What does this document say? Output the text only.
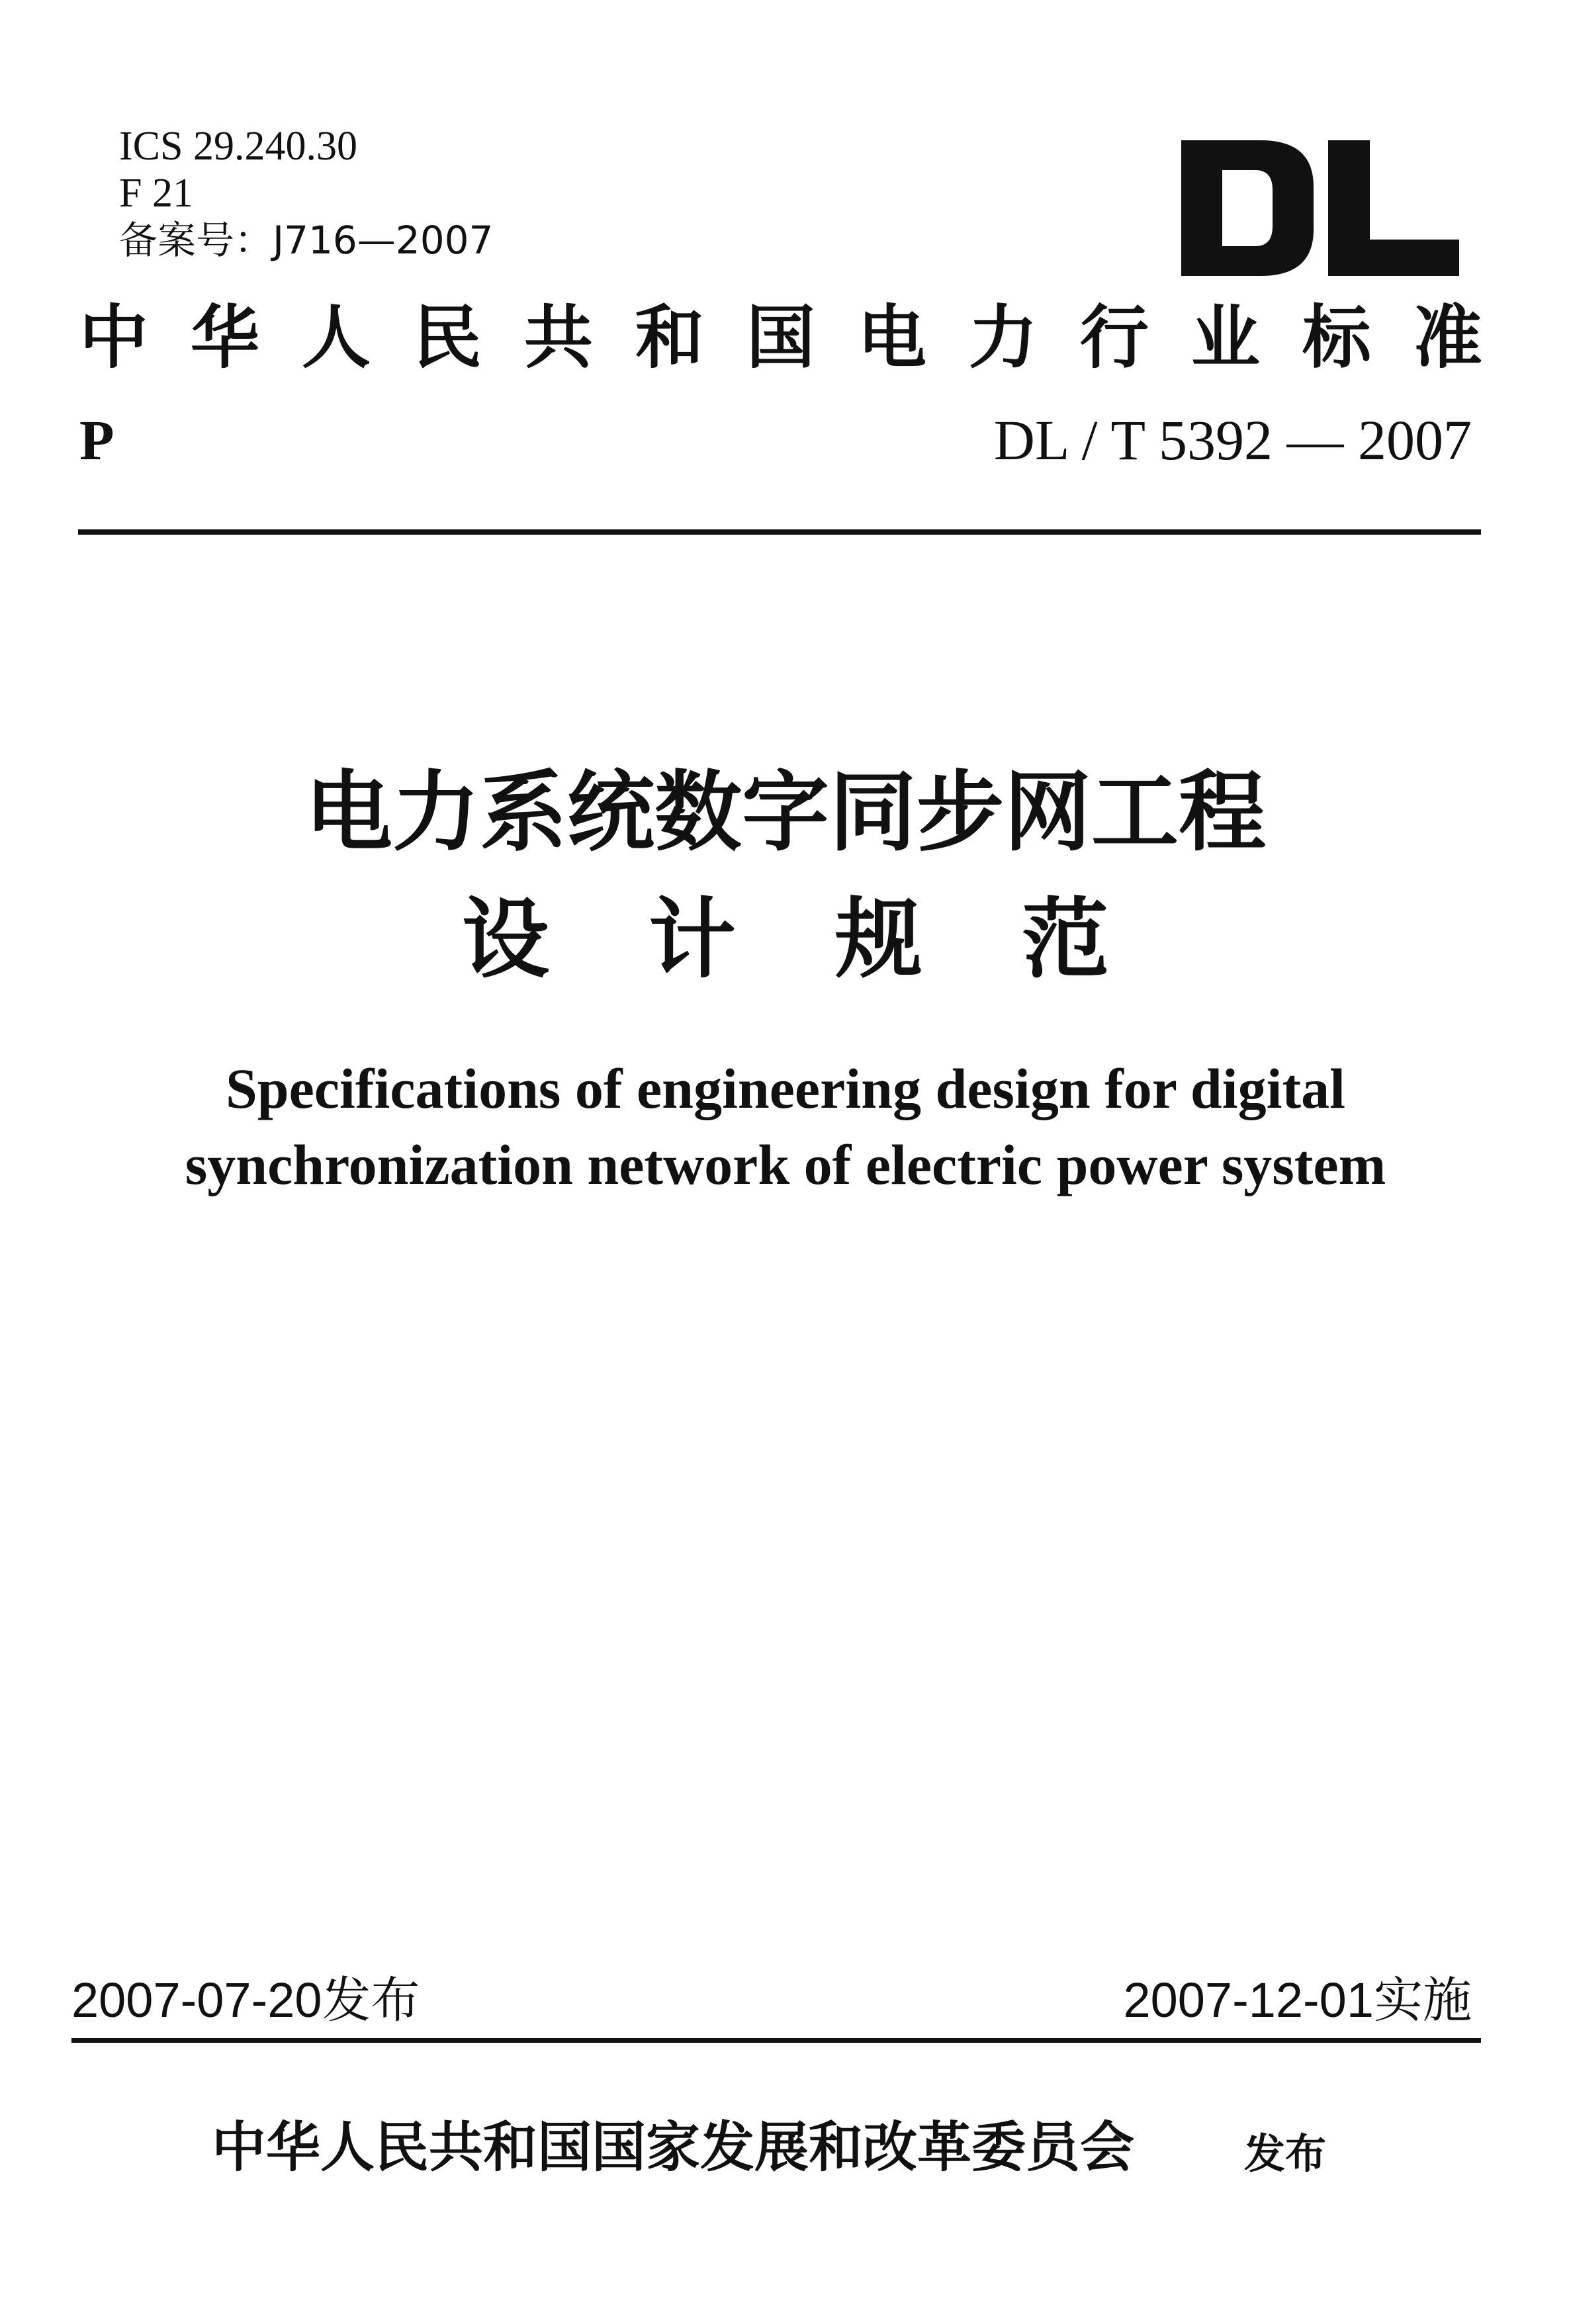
ICS 29.240.30
F 21
备案号：J716—2007
中 华 人 民 共 和 国 电 力 行 业 标 准
P	DL / T 5392 — 2007
电力系统数字同步网工程
设计规范
Specifications of engineering design for digital
synchronization network of electric power system
2007-07-20发布	2007-12-01实施
中华人民共和国国家发展和改革委员会	发布
